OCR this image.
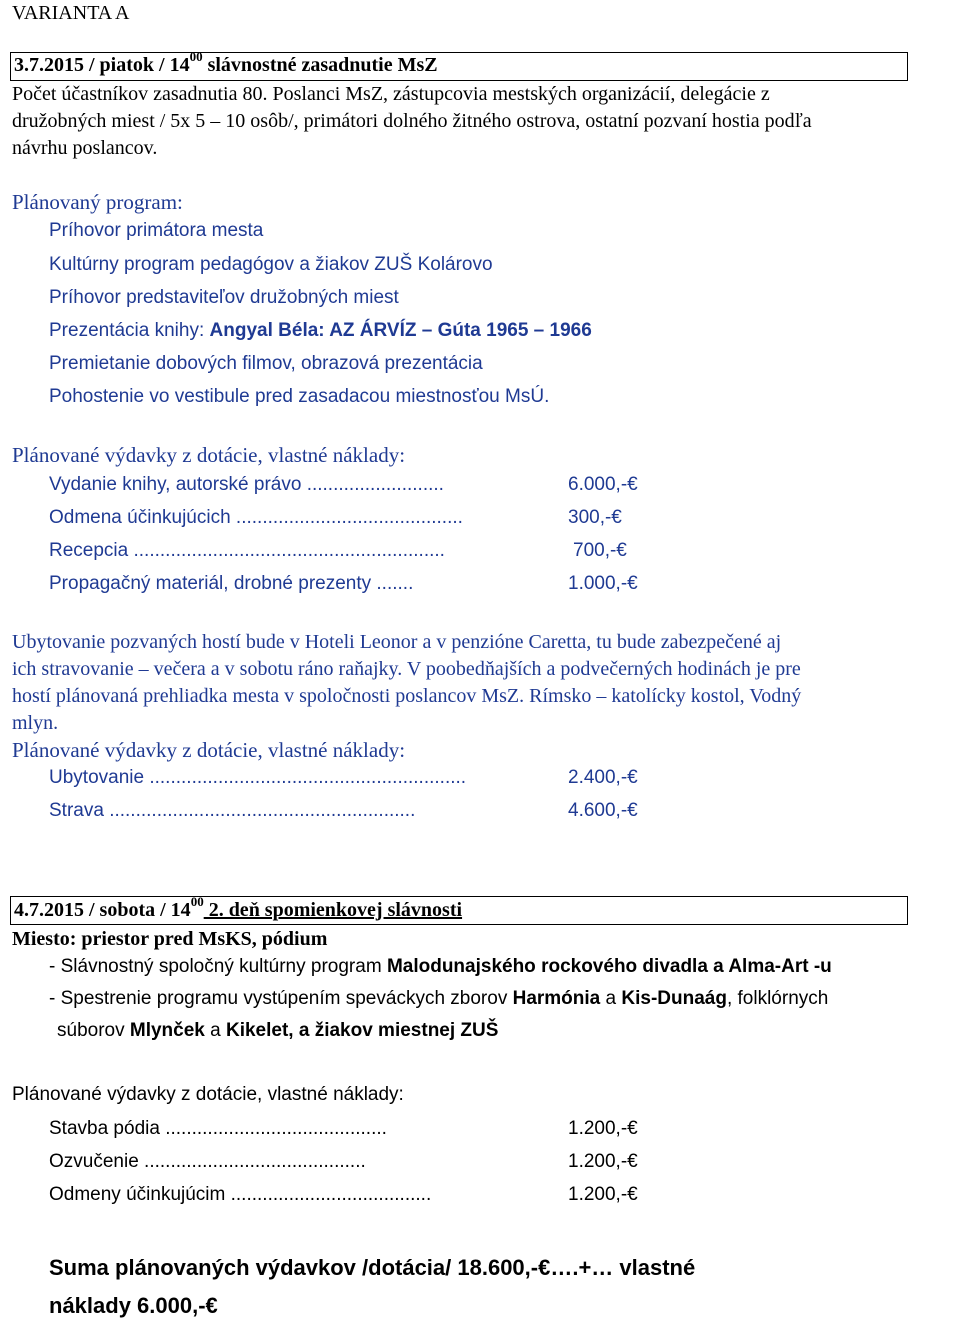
VARIANTA A
3.7.2015 / piatok / $14^{00}$ slávnostné zasadnutie MsZ
Počet účastníkov zasadnutia 80. Poslanci MsZ, zástupcovia mestských organizácií, delegácie z
družobných miest / 5x 5 – 10 osôb/, primátori dolného žitného ostrova, ostatní pozvaní hostia podľa
návrhu poslancov.
Plánovaný program:
Príhovor primátora mesta
Kultúrny program pedagógov a žiakov ZUŠ Kolárovo
Príhovor predstaviteľov družobných miest
Prezentácia knihy: Angyal Béla: AZ ÁRVÍZ – Gúta 1965 – 1966
Premietanie dobových filmov, obrazová prezentácia
Pohostenie vo vestibule pred zasadacou miestnosťou MsÚ.
Plánované výdavky z dotácie, vlastné náklady:
Vydanie knihy, autorské právo ..........................	6.000,-€
Odmena účinkujúcich ...........................................	300,-€
Recepcia ...........................................................	700,-€
Propagačný materiál, drobné prezenty .......	1.000,-€
Ubytovanie pozvaných hostí bude v Hoteli Leonor a v penzióne Caretta, tu bude zabezpečené aj
ich stravovanie – večera a v sobotu ráno raňajky. V poobedňajších a podvečerných hodinách je pre
hostí plánovaná prehliadka mesta v spoločnosti poslancov MsZ. Rímsko – katolícky kostol, Vodný
mlyn.
Plánované výdavky z dotácie, vlastné náklady:
Ubytovanie ............................................................	2.400,-€
Strava ..........................................................	4.600,-€
4.7.2015 / sobota / $14^{00}$ 2. deň spomienkovej slávnosti
Miesto: priestor pred MsKS, pódium
- Slávnostný spoločný kultúrny program Malodunajského rockového divadla a Alma-Art -u
- Spestrenie programu vystúpením speváckych zborov Harmónia a Kis-Dunaág, folklórnych
súborov Mlynček a Kikelet, a žiakov miestnej ZUŠ
Plánované výdavky z dotácie, vlastné náklady:
Stavba pódia ..........................................	1.200,-€
Ozvučenie ..........................................	1.200,-€
Odmeny účinkujúcim ......................................	1.200,-€
Suma plánovaných výdavkov /dotácia/ 18.600,-€….+… vlastné
náklady 6.000,-€
